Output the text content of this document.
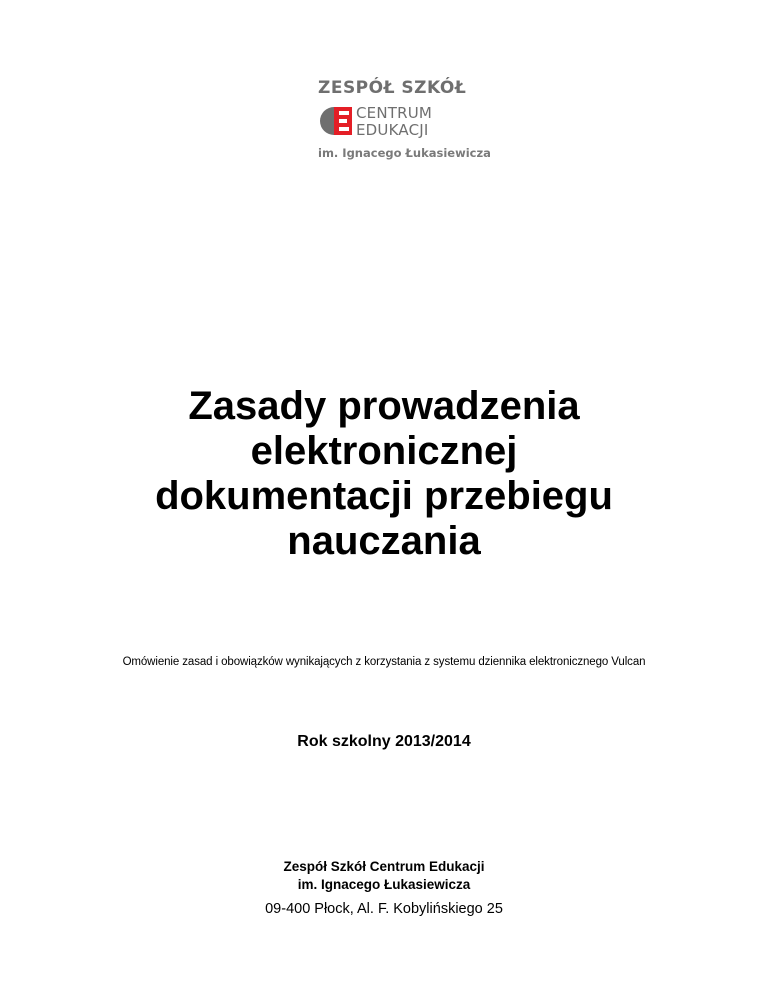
ZESPÓŁ SZKÓŁ
CENTRUM
EDUKACJI
im. Ignacego Łukasiewicza
Zasady prowadzenia
elektronicznej
dokumentacji przebiegu
nauczania
Omówienie zasad i obowiązków wynikających z korzystania z systemu dziennika elektronicznego Vulcan
Rok szkolny 2013/2014
Zespół Szkół Centrum Edukacji
im. Ignacego Łukasiewicza
09-400 Płock, Al. F. Kobylińskiego 25
